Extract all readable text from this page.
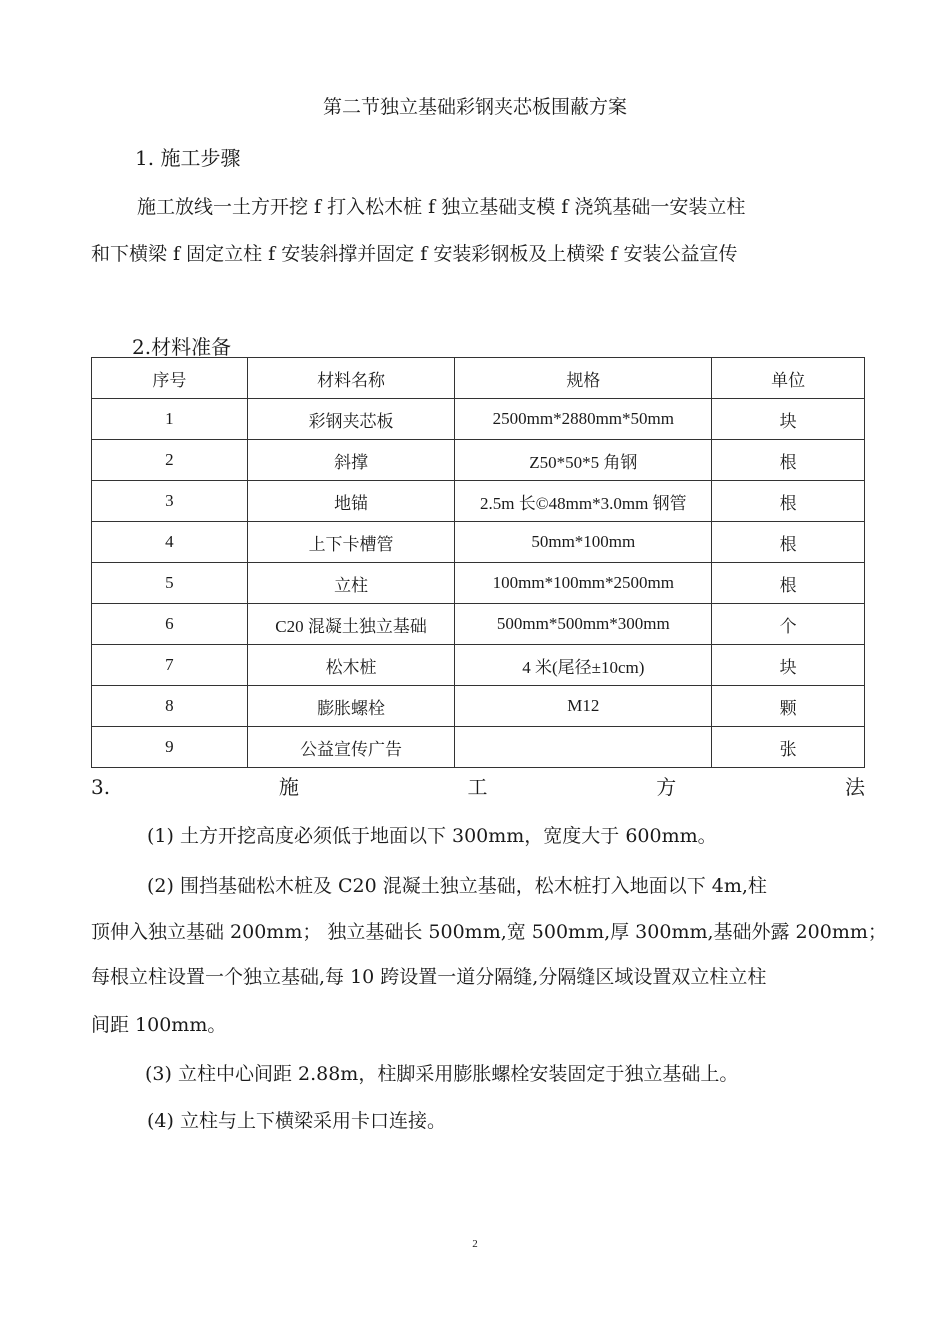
第二节独立基础彩钢夹芯板围蔽方案
1. 施工步骤
施工放线一土方开挖 f 打入松木桩 f 独立基础支模 f 浇筑基础一安装立柱
和下横梁 f 固定立柱 f 安装斜撑并固定 f 安装彩钢板及上横梁 f 安装公益宣传
2.材料准备
序号	材料名称	规格	单位
1	彩钢夹芯板	2500mm*2880mm*50mm	块
2	斜撑	Z50*50*5 角钢	根
3	地锚	2.5m 长©48mm*3.0mm 钢管	根
4	上下卡槽管	50mm*100mm	根
5	立柱	100mm*100mm*2500mm	根
6	C20 混凝土独立基础	500mm*500mm*300mm	个
7	松木桩	4 米(尾径±10cm)	块
8	膨胀螺栓	M12	颗
9	公益宣传广告		张
3.	施	工	方	法
(1) 土方开挖高度必须低于地面以下 300mm，宽度大于 600mm。
(2) 围挡基础松木桩及 C20 混凝土独立基础，松木桩打入地面以下 4m,柱
顶伸入独立基础 200mm； 独立基础长 500mm,宽 500mm,厚 300mm,基础外露 200mm；
每根立柱设置一个独立基础,每 10 跨设置一道分隔缝,分隔缝区域设置双立柱立柱
间距 100mm。
(3) 立柱中心间距 2.88m，柱脚采用膨胀螺栓安装固定于独立基础上。
(4) 立柱与上下横梁采用卡口连接。
2
